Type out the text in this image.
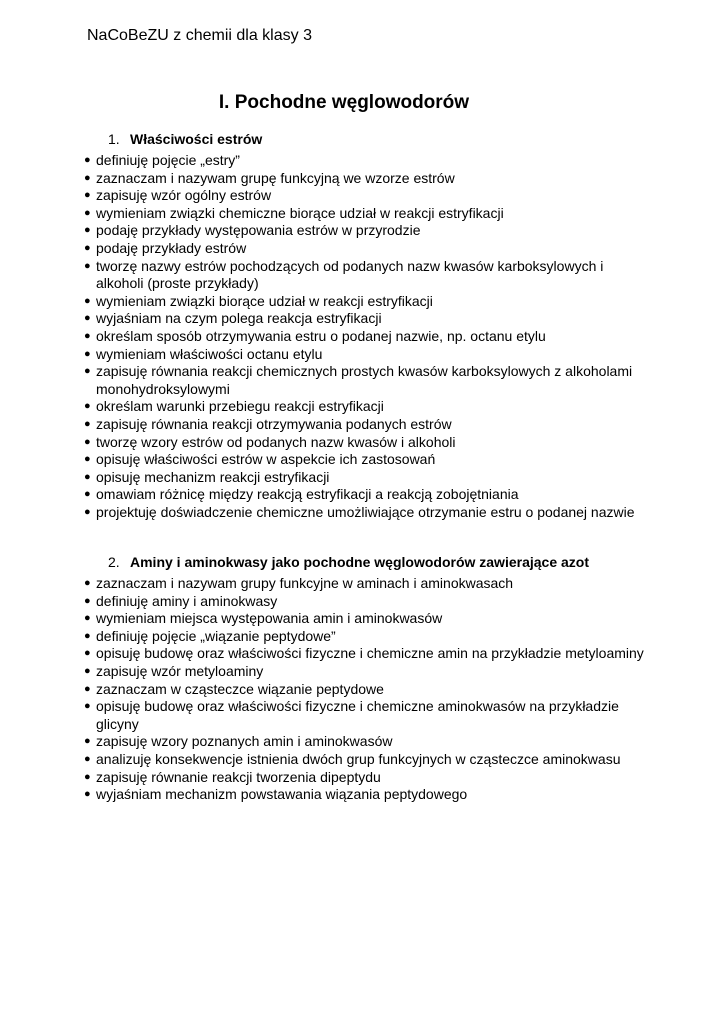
NaCoBeZU z chemii dla klasy 3
I. Pochodne węglowodorów
1. Właściwości estrów
● definiuję pojęcie „estry”
● zaznaczam i nazywam grupę funkcyjną we wzorze estrów
● zapisuję wzór ogólny estrów
● wymieniam związki chemiczne biorące udział w reakcji estryfikacji
● podaję przykłady występowania estrów w przyrodzie
● podaję przykłady estrów
● tworzę nazwy estrów pochodzących od podanych nazw kwasów karboksylowych i alkoholi (proste przykłady)
● wymieniam związki biorące udział w reakcji estryfikacji
● wyjaśniam na czym polega reakcja estryfikacji
● określam sposób otrzymywania estru o podanej nazwie, np. octanu etylu
● wymieniam właściwości octanu etylu
● zapisuję równania reakcji chemicznych prostych kwasów karboksylowych z alkoholami monohydroksylowymi
● określam warunki przebiegu reakcji estryfikacji
● zapisuję równania reakcji otrzymywania podanych estrów
● tworzę wzory estrów od podanych nazw kwasów i alkoholi
● opisuję właściwości estrów w aspekcie ich zastosowań
● opisuję mechanizm reakcji estryfikacji
● omawiam różnicę między reakcją estryfikacji a reakcją zobojętniania
● projektuję doświadczenie chemiczne umożliwiające otrzymanie estru o podanej nazwie
2. Aminy i aminokwasy jako pochodne węglowodorów zawierające azot
● zaznaczam i nazywam grupy funkcyjne w aminach i aminokwasach
● definiuję aminy i aminokwasy
● wymieniam miejsca występowania amin i aminokwasów
● definiuję pojęcie „wiązanie peptydowe”
● opisuję budowę oraz właściwości fizyczne i chemiczne amin na przykładzie metyloaminy
● zapisuję wzór metyloaminy
● zaznaczam w cząsteczce wiązanie peptydowe
● opisuję budowę oraz właściwości fizyczne i chemiczne aminokwasów na przykładzie glicyny
● zapisuję wzory poznanych amin i aminokwasów
● analizuję konsekwencje istnienia dwóch grup funkcyjnych w cząsteczce aminokwasu
● zapisuję równanie reakcji tworzenia dipeptydu
● wyjaśniam mechanizm powstawania wiązania peptydowego
